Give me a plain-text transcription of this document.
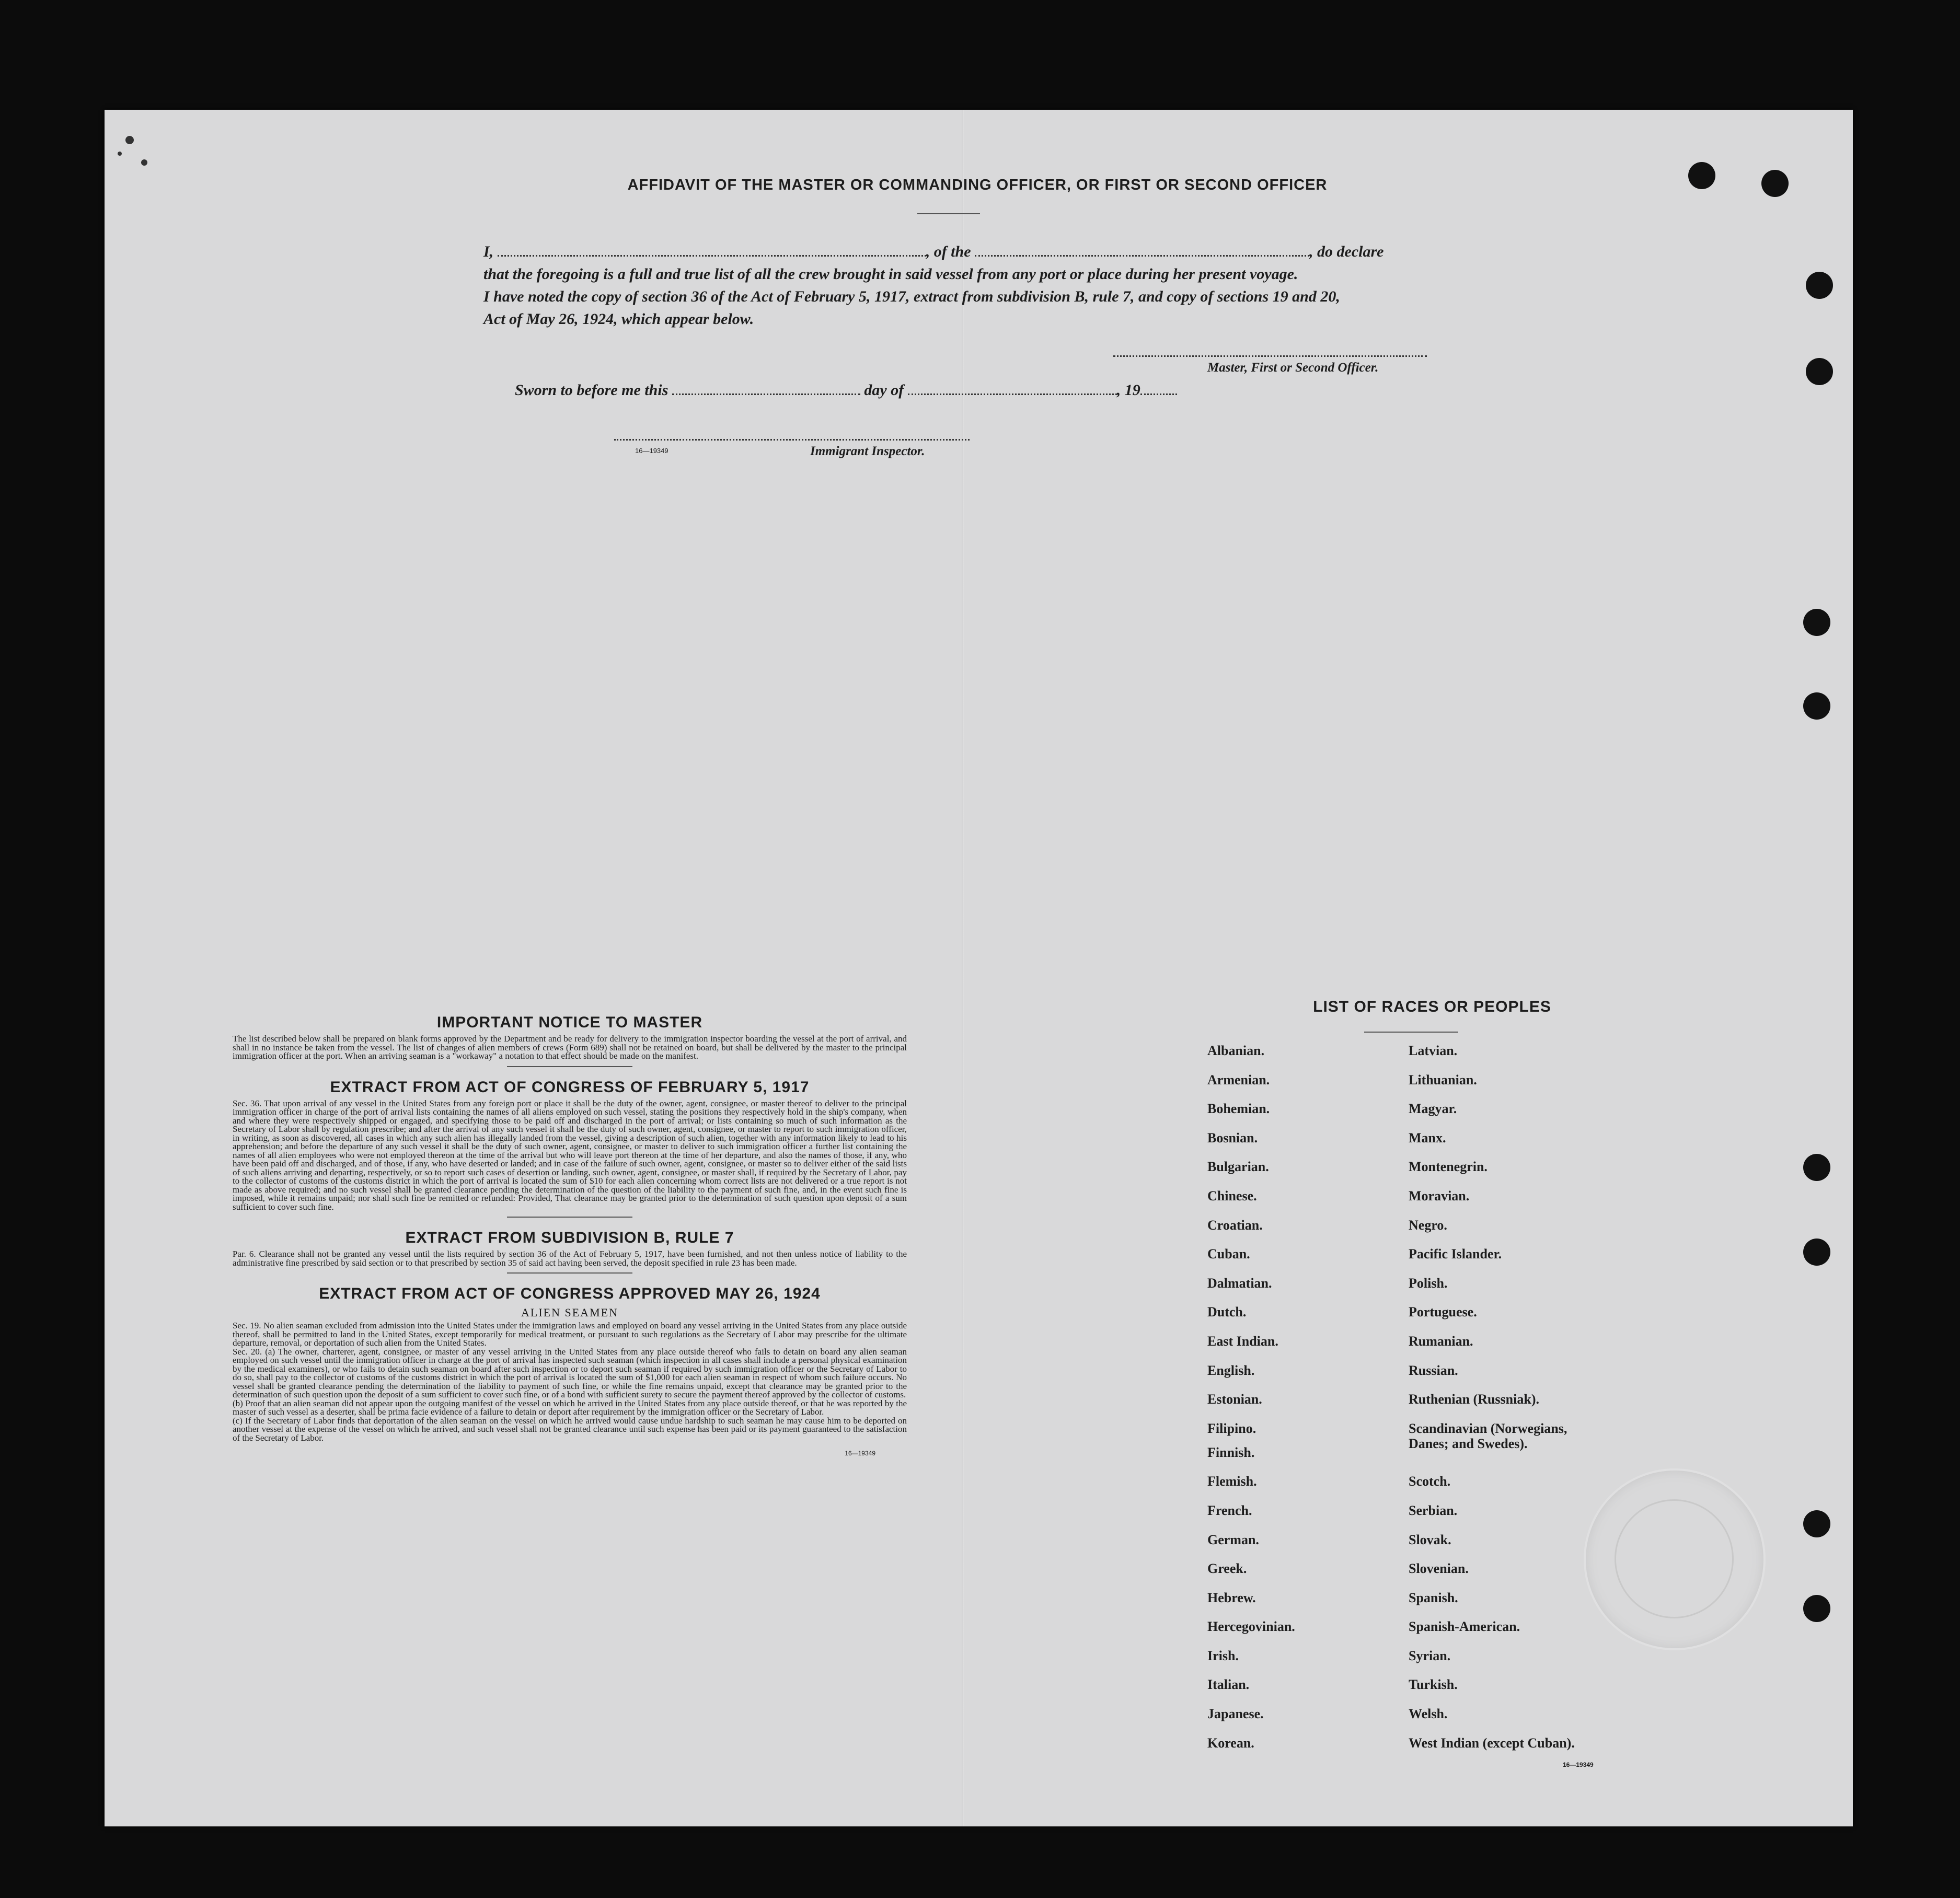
AFFIDAVIT OF THE MASTER OR COMMANDING OFFICER, OR FIRST OR SECOND OFFICER
I,	, of the	, do declare
that the foregoing is a full and true list of all the crew brought in said vessel from any port or place during her present voyage.
I have noted the copy of section 36 of the Act of February 5, 1917, extract from subdivision B, rule 7, and copy of sections 19 and 20,
Act of May 26, 1924, which appear below.
Master, First or Second Officer.
Sworn to before me this	day of	, 19
16—19349	Immigrant Inspector.
IMPORTANT NOTICE TO MASTER

The list described below shall be prepared on blank forms approved by the Department and be ready for delivery to the immigration inspector boarding the vessel at the port of arrival, and shall in no instance be taken from the vessel. The list of changes of alien members of crews (Form 689) shall not be retained on board, but shall be delivered by the master to the principal immigration officer at the port. When an arriving seaman is a "workaway" a notation to that effect should be made on the manifest.

EXTRACT FROM ACT OF CONGRESS OF FEBRUARY 5, 1917

Sec. 36. That upon arrival of any vessel in the United States from any foreign port or place it shall be the duty of the owner, agent, consignee, or master thereof to deliver to the principal immigration officer in charge of the port of arrival lists containing the names of all aliens employed on such vessel, stating the positions they respectively hold in the ship's company, when and where they were respectively shipped or engaged, and specifying those to be paid off and discharged in the port of arrival; or lists containing so much of such information as the Secretary of Labor shall by regulation prescribe; and after the arrival of any such vessel it shall be the duty of such owner, agent, consignee, or master to report to such immigration officer, in writing, as soon as discovered, all cases in which any such alien has illegally landed from the vessel, giving a description of such alien, together with any information likely to lead to his apprehension; and before the departure of any such vessel it shall be the duty of such owner, agent, consignee, or master to deliver to such immigration officer a further list containing the names of all alien employees who were not employed thereon at the time of the arrival but who will leave port thereon at the time of her departure, and also the names of those, if any, who have been paid off and discharged, and of those, if any, who have deserted or landed; and in case of the failure of such owner, agent, consignee, or master so to deliver either of the said lists of such aliens arriving and departing, respectively, or so to report such cases of desertion or landing, such owner, agent, consignee, or master shall, if required by the Secretary of Labor, pay to the collector of customs of the customs district in which the port of arrival is located the sum of $10 for each alien concerning whom correct lists are not delivered or a true report is not made as above required; and no such vessel shall be granted clearance pending the determination of the question of the liability to the payment of such fine, and, in the event such fine is imposed, while it remains unpaid; nor shall such fine be remitted or refunded: Provided, That clearance may be granted prior to the determination of such question upon deposit of a sum sufficient to cover such fine.

EXTRACT FROM SUBDIVISION B, RULE 7

Par. 6. Clearance shall not be granted any vessel until the lists required by section 36 of the Act of February 5, 1917, have been furnished, and not then unless notice of liability to the administrative fine prescribed by said section or to that prescribed by section 35 of said act having been served, the deposit specified in rule 23 has been made.

EXTRACT FROM ACT OF CONGRESS APPROVED MAY 26, 1924
ALIEN SEAMEN

Sec. 19. No alien seaman excluded from admission into the United States under the immigration laws and employed on board any vessel arriving in the United States from any place outside thereof, shall be permitted to land in the United States, except temporarily for medical treatment, or pursuant to such regulations as the Secretary of Labor may prescribe for the ultimate departure, removal, or deportation of such alien from the United States.

Sec. 20. (a) The owner, charterer, agent, consignee, or master of any vessel arriving in the United States from any place outside thereof who fails to detain on board any alien seaman employed on such vessel until the immigration officer in charge at the port of arrival has inspected such seaman (which inspection in all cases shall include a personal physical examination by the medical examiners), or who fails to detain such seaman on board after such inspection or to deport such seaman if required by such immigration officer or the Secretary of Labor to do so, shall pay to the collector of customs of the customs district in which the port of arrival is located the sum of $1,000 for each alien seaman in respect of whom such failure occurs. No vessel shall be granted clearance pending the determination of the liability to payment of such fine, or while the fine remains unpaid, except that clearance may be granted prior to the determination of such question upon the deposit of a sum sufficient to cover such fine, or of a bond with sufficient surety to secure the payment thereof approved by the collector of customs.

(b) Proof that an alien seaman did not appear upon the outgoing manifest of the vessel on which he arrived in the United States from any place outside thereof, or that he was reported by the master of such vessel as a deserter, shall be prima facie evidence of a failure to detain or deport after requirement by the immigration officer or the Secretary of Labor.

(c) If the Secretary of Labor finds that deportation of the alien seaman on the vessel on which he arrived would cause undue hardship to such seaman he may cause him to be deported on another vessel at the expense of the vessel on which he arrived, and such vessel shall not be granted clearance until such expense has been paid or its payment guaranteed to the satisfaction of the Secretary of Labor.

16—19349
LIST OF RACES OR PEOPLES
Albanian.	Latvian.
Armenian.	Lithuanian.
Bohemian.	Magyar.
Bosnian.	Manx.
Bulgarian.	Montenegrin.
Chinese.	Moravian.
Croatian.	Negro.
Cuban.	Pacific Islander.
Dalmatian.	Polish.
Dutch.	Portuguese.
East Indian.	Rumanian.
English.	Russian.
Estonian.	Ruthenian (Russniak).
Filipino.	Scandinavian (Norwegians, Danes; and Swedes).
Finnish.
Flemish.	Scotch.
French.	Serbian.
German.	Slovak.
Greek.	Slovenian.
Hebrew.	Spanish.
Hercegovinian.	Spanish-American.
Irish.	Syrian.
Italian.	Turkish.
Japanese.	Welsh.
Korean.	West Indian (except Cuban).
16—19349
